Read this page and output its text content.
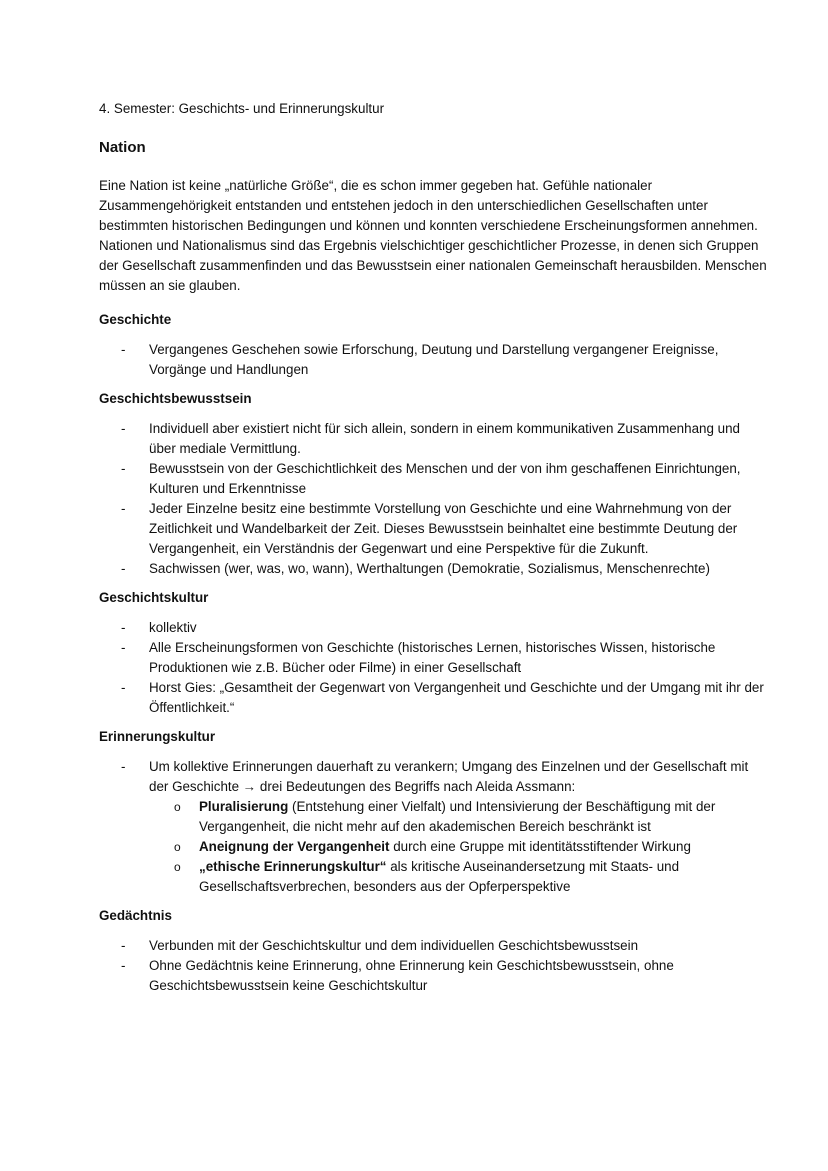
4. Semester: Geschichts- und Erinnerungskultur

Nation

Eine Nation ist keine „natürliche Größe“, die es schon immer gegeben hat. Gefühle nationaler Zusammengehörigkeit entstanden und entstehen jedoch in den unterschiedlichen Gesellschaften unter bestimmten historischen Bedingungen und können und konnten verschiedene Erscheinungsformen annehmen. Nationen und Nationalismus sind das Ergebnis vielschichtiger geschichtlicher Prozesse, in denen sich Gruppen der Gesellschaft zusammenfinden und das Bewusstsein einer nationalen Gemeinschaft herausbilden. Menschen müssen an sie glauben.

Geschichte

- Vergangenes Geschehen sowie Erforschung, Deutung und Darstellung vergangener Ereignisse, Vorgänge und Handlungen

Geschichtsbewusstsein

- Individuell aber existiert nicht für sich allein, sondern in einem kommunikativen Zusammenhang und über mediale Vermittlung.
- Bewusstsein von der Geschichtlichkeit des Menschen und der von ihm geschaffenen Einrichtungen, Kulturen und Erkenntnisse
- Jeder Einzelne besitz eine bestimmte Vorstellung von Geschichte und eine Wahrnehmung von der Zeitlichkeit und Wandelbarkeit der Zeit. Dieses Bewusstsein beinhaltet eine bestimmte Deutung der Vergangenheit, ein Verständnis der Gegenwart und eine Perspektive für die Zukunft.
- Sachwissen (wer, was, wo, wann), Werthaltungen (Demokratie, Sozialismus, Menschenrechte)

Geschichtskultur

- kollektiv
- Alle Erscheinungsformen von Geschichte (historisches Lernen, historisches Wissen, historische Produktionen wie z.B. Bücher oder Filme) in einer Gesellschaft
- Horst Gies: „Gesamtheit der Gegenwart von Vergangenheit und Geschichte und der Umgang mit ihr der Öffentlichkeit.“

Erinnerungskultur

- Um kollektive Erinnerungen dauerhaft zu verankern; Umgang des Einzelnen und der Gesellschaft mit der Geschichte → drei Bedeutungen des Begriffs nach Aleida Assmann:
o Pluralisierung (Entstehung einer Vielfalt) und Intensivierung der Beschäftigung mit der Vergangenheit, die nicht mehr auf den akademischen Bereich beschränkt ist
o Aneignung der Vergangenheit durch eine Gruppe mit identitätsstiftender Wirkung
o „ethische Erinnerungskultur“ als kritische Auseinandersetzung mit Staats- und Gesellschaftsverbrechen, besonders aus der Opferperspektive

Gedächtnis

- Verbunden mit der Geschichtskultur und dem individuellen Geschichtsbewusstsein
- Ohne Gedächtnis keine Erinnerung, ohne Erinnerung kein Geschichtsbewusstsein, ohne Geschichtsbewusstsein keine Geschichtskultur
